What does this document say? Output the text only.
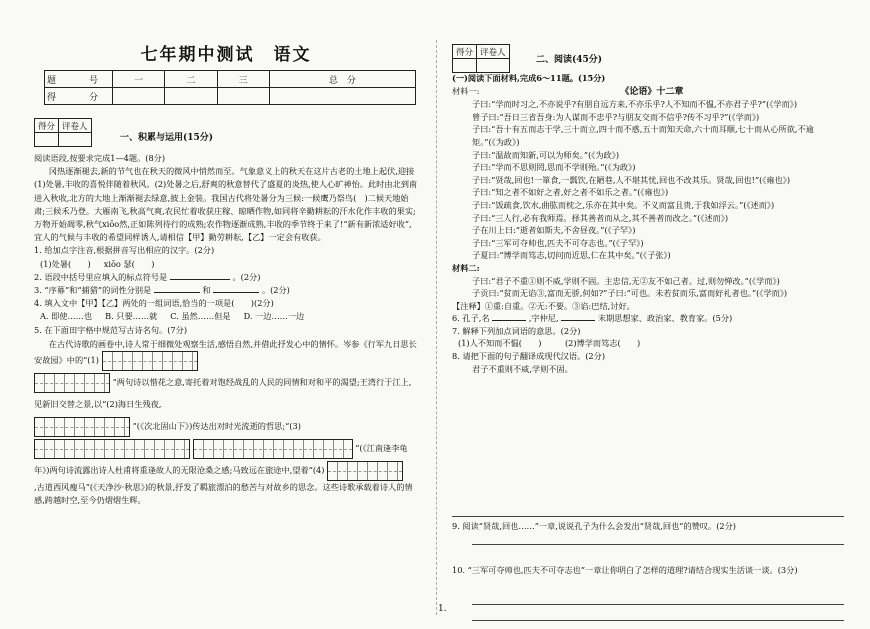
七年期中测试　语文
题　号	一	二	三	总　分
得　分				
得分	评卷人

一、积累与运用(15分)

阅读语段,按要求完成1—4题。(8分)

冈热逐渐褪去,新的节气也在秋天的微风中悄然而至。气象意义上的秋天在这片古老的土地上起伏,迎接(1)处暑,丰收的喜悦伴随着秋风。(2)处暑之后,舒爽的秋意替代了盛夏的炎热,使人心旷神怡。此时由北到南进入秋收,北方的大地上渐渐褪去绿意,披上金装。我国古代将处暑分为三候:一候鹰乃祭鸟(　)二候天地始肃;三候禾乃登。大雁南飞,秋高气爽,农民忙着收获庄稼、晾晒作物,如同将辛勤耕耘的汗水化作丰收的果实;万物开始凋零,秋气xiōo然,正如陈列待行的成熟;农作物逐渐成熟,丰收的季节终于来了!“新有新浓适好收”,宜人的气候与丰收的希望同样诱人,请相信【甲】勤劳耕耘,【乙】一定会有收获。

1. 给加点字注音,根据拼音写出相应的汉字。(2分)

(1)处暑(　　) xiōo 瑟(　　)

2. 语段中括号里应填入的标点符号是	。(2分)

3. “序幕”和“捕猎”的词性分别是	和	。(2分)

4. 填入文中【甲】【乙】两处的一组词语,恰当的一项是(　　)(2分)

A. 即使……也 B. 只要……就 C. 虽然……但是 D. 一边……一边

5. 在下面田字格中规范写古诗名句。(7分)

在古代诗歌的画卷中,诗人常于细微处观察生活,感悟自然,并借此抒发心中的情怀。岑参《行军九日思长安故园》中的“(1)

”两句诗以惜花之意,寄托着对饱经战乱的人民的同情和对和平的渴望;王湾行于江上,见新旧交替之景,以“(2)海日生残夜,

”(《次北固山下》)传达出对时光流逝的哲思;“(3)

”(《江南逢李龟年》)两句诗流露出诗人杜甫将重逢故人的无限沧桑之感;马致远在旅途中,望着“(4)

,古道西风瘦马”(《天净沙·秋思》)的秋景,抒发了羁旅漂泊的愁苦与对故乡的思念。这些诗歌承载着诗人的情感,跨越时空,至今仍熠熠生辉。

得分	评卷人

二、阅读(45分)

(一)阅读下面材料,完成6～11题。(15分)

材料一:	《论语》十二章

子曰:“学而时习之,不亦说乎?有朋自远方来,不亦乐乎?人不知而不愠,不亦君子乎?”(《学而》)

曾子曰:“吾日三省吾身:为人谋而不忠乎?与朋友交而不信乎?传不习乎?”(《学而》)

子曰:“吾十有五而志于学,三十而立,四十而不惑,五十而知天命,六十而耳顺,七十而从心所欲,不逾矩。”(《为政》)

子曰:“温故而知新,可以为师矣。”(《为政》)

子曰:“学而不思则罔,思而不学则殆。”(《为政》)

子曰:“贤哉,回也!一箪食,一瓢饮,在陋巷,人不堪其忧,回也不改其乐。贤哉,回也!”(《雍也》)

子曰:“知之者不如好之者,好之者不如乐之者。”(《雍也》)

子曰:“饭疏食,饮水,曲肱而枕之,乐亦在其中矣。不义而富且贵,于我如浮云。”(《述而》)

子曰:“三人行,必有我师焉。择其善者而从之,其不善者而改之。”(《述而》)

子在川上曰:“逝者如斯夫,不舍昼夜。”(《子罕》)

子曰:“三军可夺帅也,匹夫不可夺志也。”(《子罕》)

子夏曰:“博学而笃志,切问而近思,仁在其中矣。”(《子张》)

材料二:

子曰:“君子不重①则不威,学则不固。主忠信,无②友不如己者。过,则勿惮改。”(《学而》)

子贡曰:“贫而无谄③,富而无骄,何如?”子曰:“可也。未若贫而乐,富而好礼者也。”(《学而》)

【注释】①重:自重。②无:不要。③谄:巴结,讨好。

6. 孔子,名	,字仲尼,	末期思想家、政治家、教育家。(5分)

7. 解释下列加点词语的意思。(2分)

(1)人不知而不愠(　　)	(2)博学而笃志(　　)

8. 请把下面的句子翻译成现代汉语。(2分)

君子不重则不威,学则不固。

9. 阅读“贤哉,回也……”一章,说说孔子为什么会发出“贤哉,回也”的赞叹。(2分)
10. “三军可夺帅也,匹夫不可夺志也”一章让你明白了怎样的道理?请结合现实生活谈一谈。(3分)
1.
